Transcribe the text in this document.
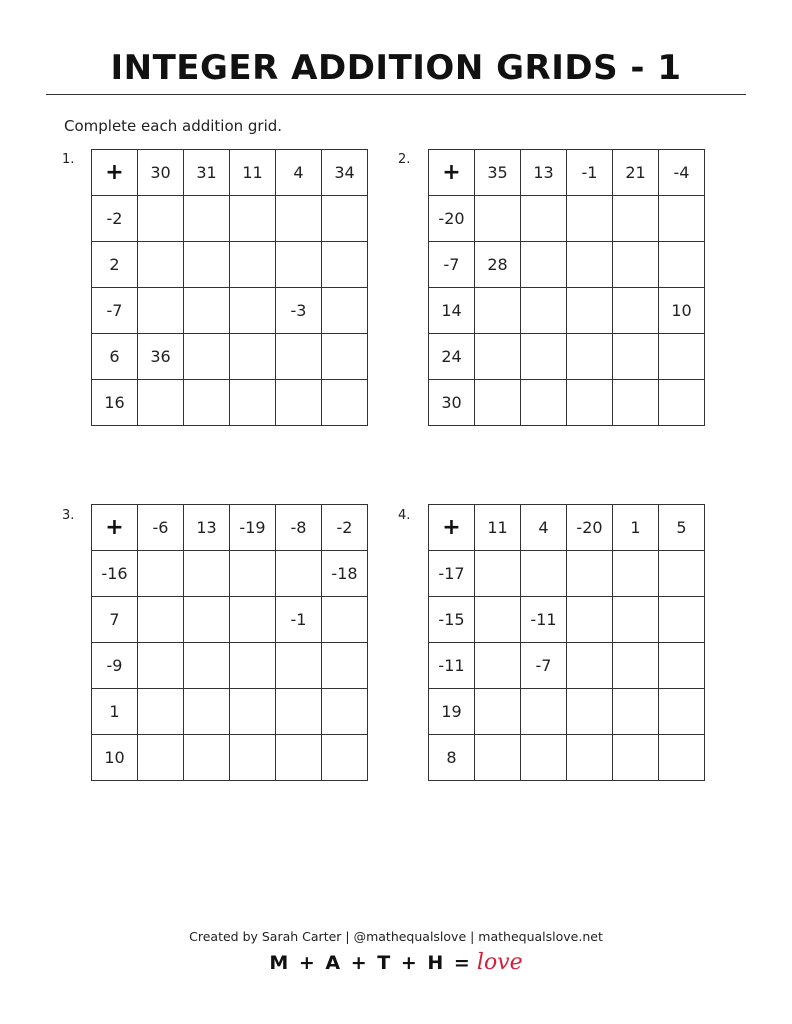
INTEGER ADDITION GRIDS - 1
Complete each addition grid.
1.
+	30	31	11	4	34
-2					
2					
-7				-3	
6	36				
16					
2.
+	35	13	-1	21	-4
-20					
-7	28				
14					10
24					
30					
3. +	-6	13	-19	-8	-2
-16					-18
7				-1	
-9					
1					
10					
4. +	11	4	-20	1	5
-17					
-15		-11			
-11		-7			
19					
8					
Created by Sarah Carter | @mathequalslove | mathequalslove.net
M + A + T + H = love
